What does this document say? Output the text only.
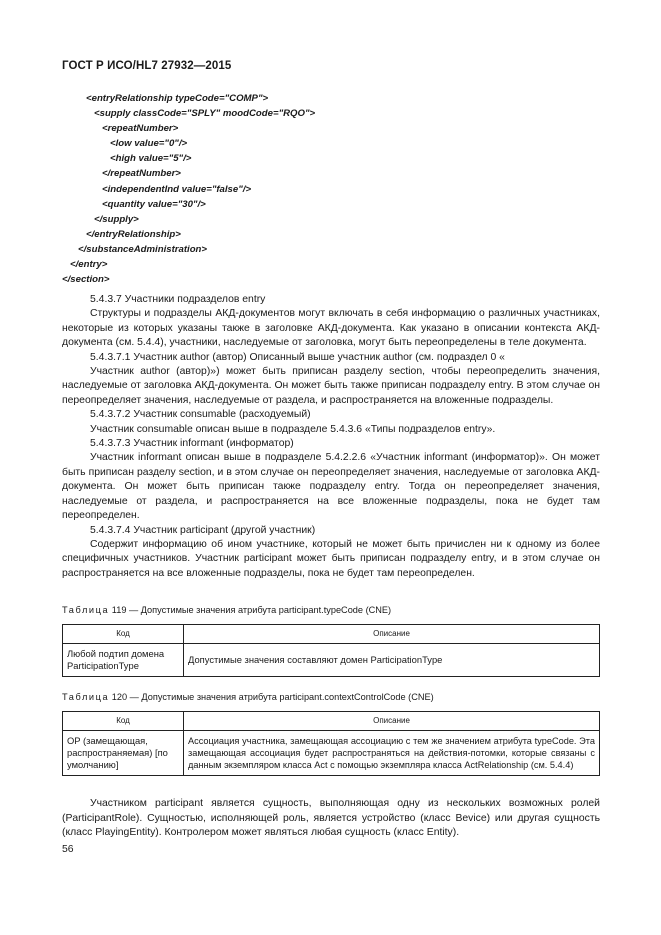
ГОСТ Р ИСО/HL7 27932—2015
<entryRelationship typeCode="COMP">
<supply classCode="SPLY" moodCode="RQO">
<repeatNumber>
<low value="0"/>
<high value="5"/>
</repeatNumber>
<independentInd value="false"/>
<quantity value="30"/>
</supply>
</entryRelationship>
</substanceAdministration>
</entry>
</section>

5.4.3.7 Участники подразделов entry

Структуры и подразделы АКД-документов могут включать в себя информацию о различных участниках, некоторые из которых указаны также в заголовке АКД-документа. Как указано в описании контекста АКД-документа (см. 5.4.4), участники, наследуемые от заголовка, могут быть переопределены в теле документа.

5.4.3.7.1 Участник author (автор) Описанный выше участник author (см. подраздел 0 «

Участник author (автор)») может быть приписан разделу section, чтобы переопределить значения, наследуемые от заголовка АКД-документа. Он может быть также приписан подразделу entry. В этом случае он переопределяет значения, наследуемые от раздела, и распространяется на вложенные подразделы.

5.4.3.7.2 Участник consumable (расходуемый)

Участник consumable описан выше в подразделе 5.4.3.6 «Типы подразделов entry».

5.4.3.7.3 Участник informant (информатор)

Участник informant описан выше в подразделе 5.4.2.2.6 «Участник informant (информатор)». Он может быть приписан разделу section, и в этом случае он переопределяет значения, наследуемые от заголовка АКД-документа. Он может быть приписан также подразделу entry. Тогда он переопределяет значения, наследуемые от раздела, и распространяется на все вложенные подразделы, пока не будет там переопределен.

5.4.3.7.4 Участник participant (другой участник)

Содержит информацию об ином участнике, который не может быть причислен ни к одному из более специфичных участников. Участник participant может быть приписан подразделу entry, и в этом случае он распространяется на все вложенные подразделы, пока не будет там переопределен.

Таблица 119 — Допустимые значения атрибута participant.typeCode (CNE)

Код	Описание
Любой подтип домена ParticipationType	Допустимые значения составляют домен ParticipationType

Таблица 120 — Допустимые значения атрибута participant.contextControlCode (CNE)

Код	Описание
OP (замещающая, распространяемая) [по умолчанию]	Ассоциация участника, замещающая ассоциацию с тем же значением атрибута typeCode. Эта замещающая ассоциация будет распространяться на действия-потомки, которые связаны с данным экземпляром класса Act с помощью экземпляра класса ActRelationship (см. 5.4.4)

Участником participant является сущность, выполняющая одну из нескольких возможных ролей (ParticipantRole). Сущностью, исполняющей роль, является устройство (класс Bevice) или другая сущность (класс PlayingEntity). Контролером может являться любая сущность (класс Entity).

56
